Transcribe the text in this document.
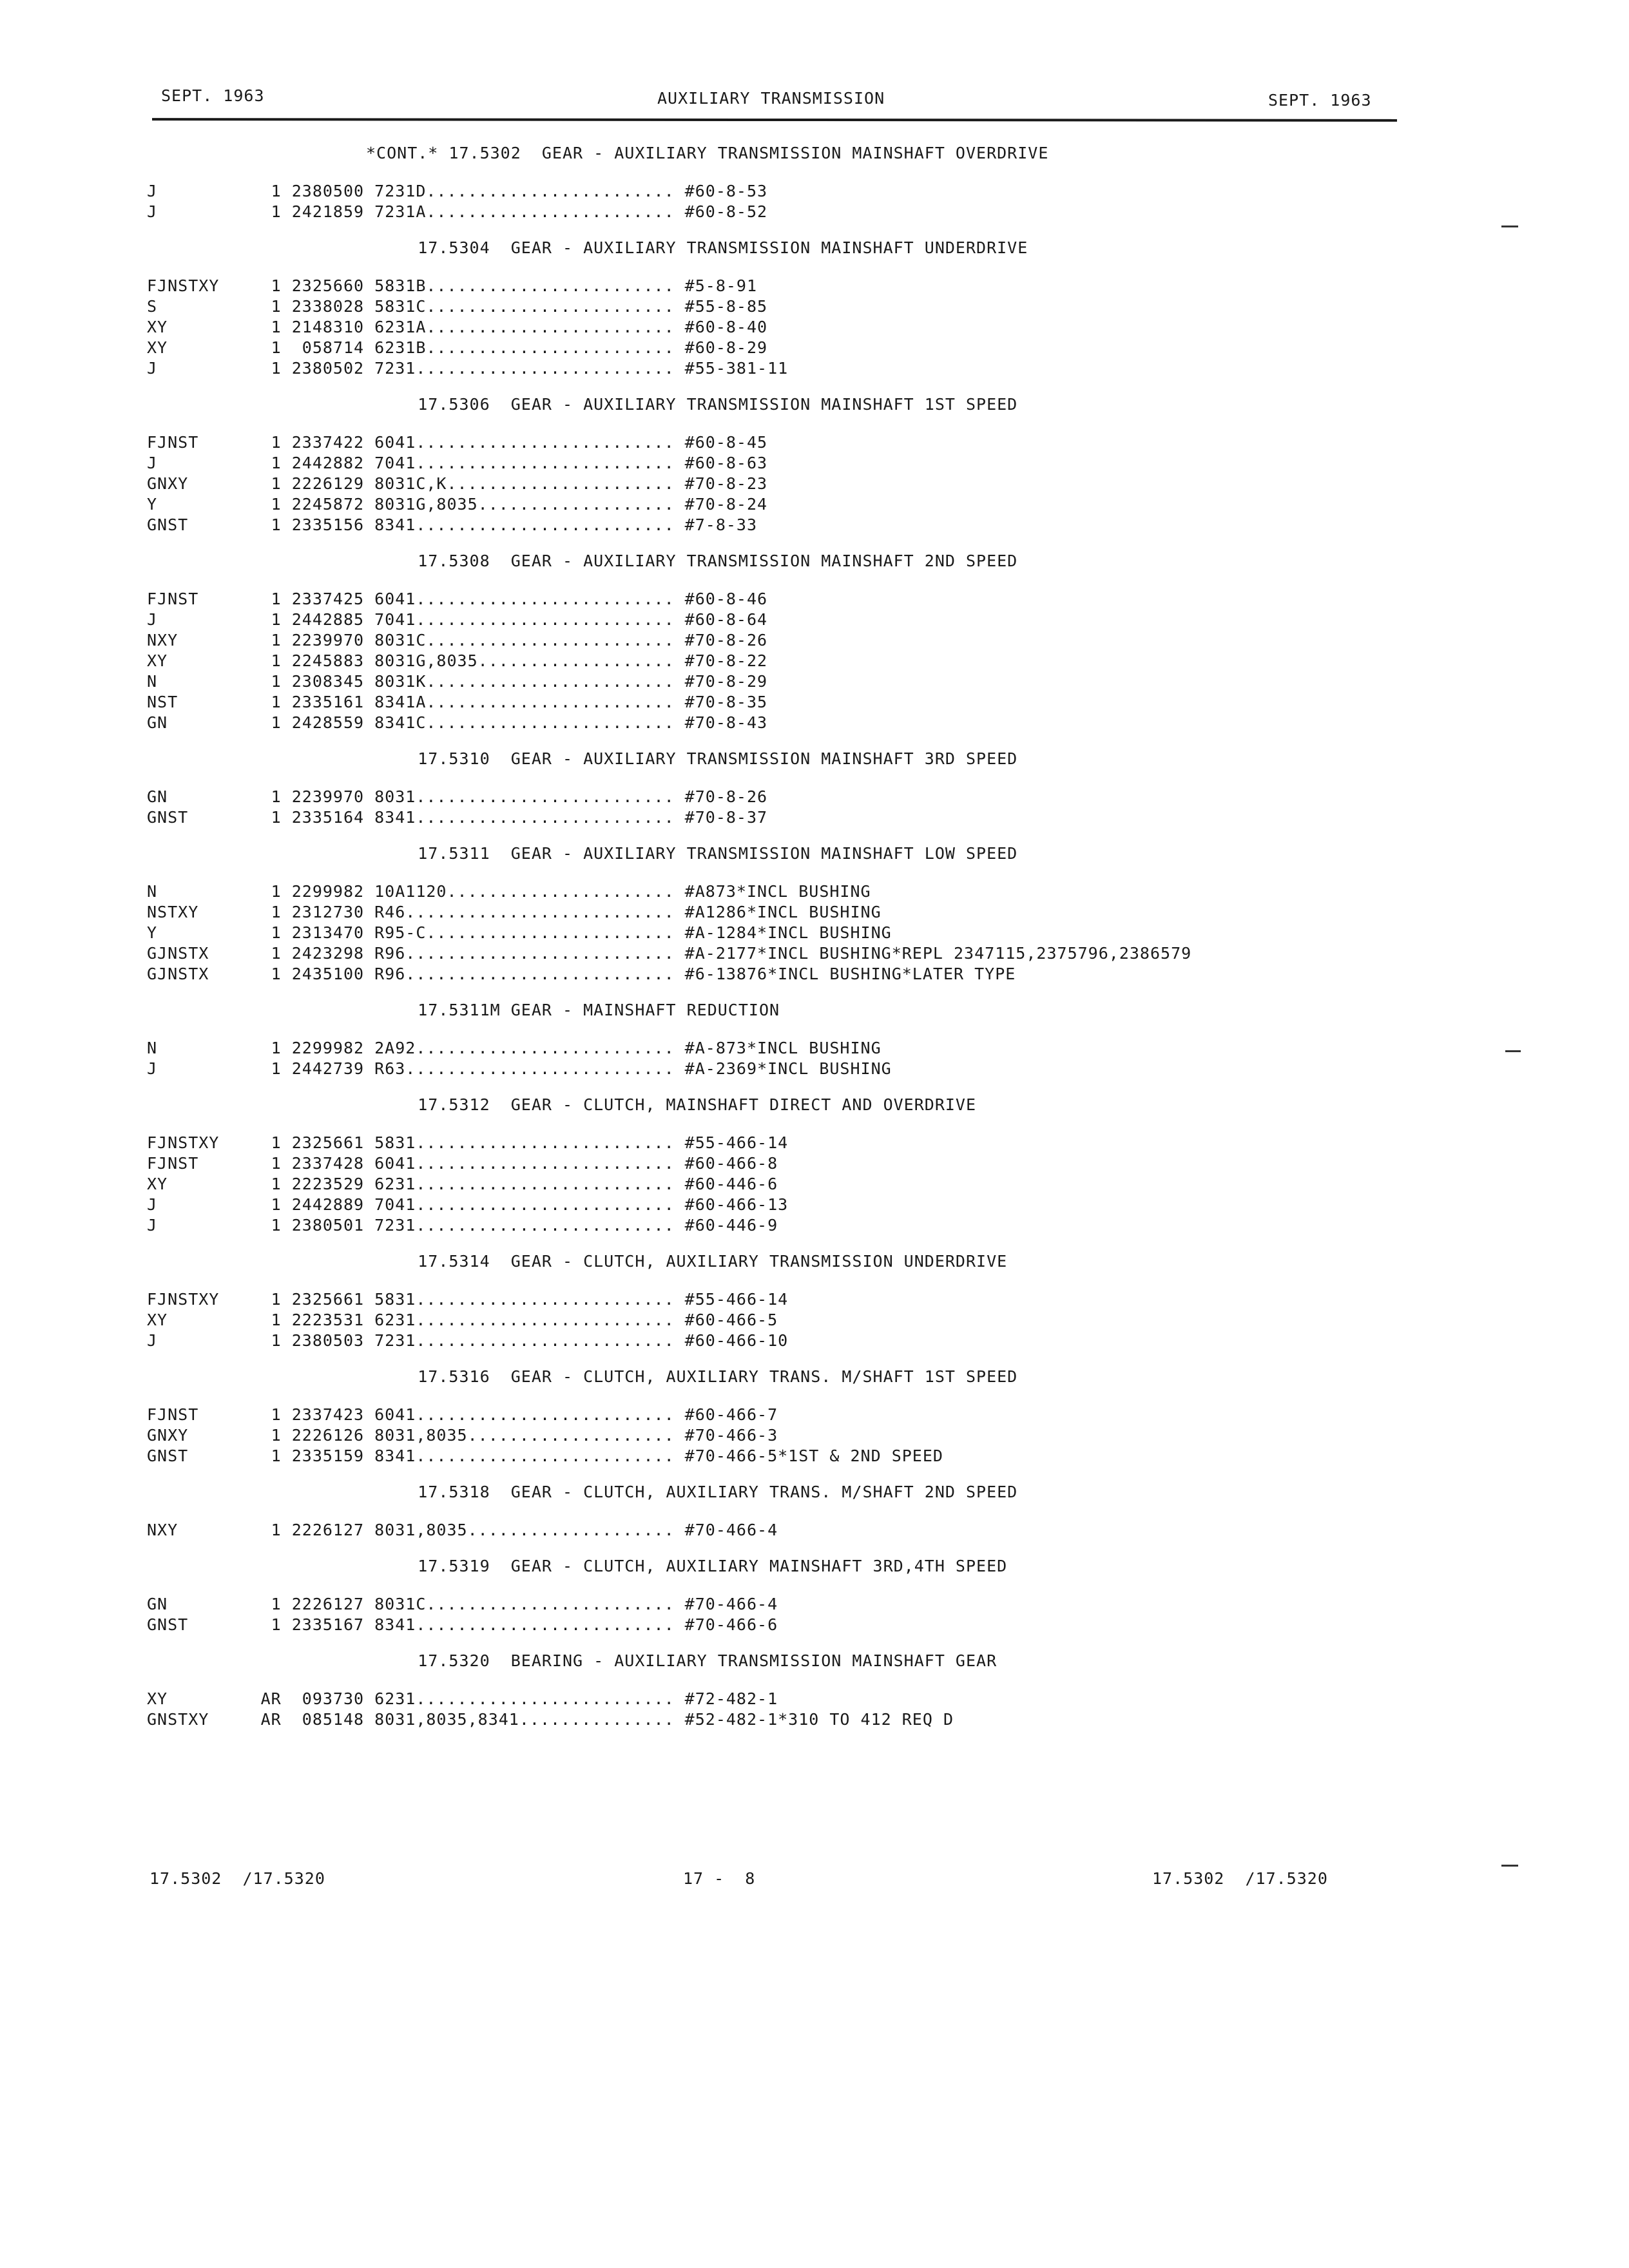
SEPT. 1963	AUXILIARY TRANSMISSION	SEPT. 1963
*CONT.* 17.5302  GEAR - AUXILIARY TRANSMISSION MAINSHAFT OVERDRIVE
J           1 2380500 7231D........................ #60-8-53
J           1 2421859 7231A........................ #60-8-52
17.5304  GEAR - AUXILIARY TRANSMISSION MAINSHAFT UNDERDRIVE
FJNSTXY     1 2325660 5831B........................ #5-8-91
S           1 2338028 5831C........................ #55-8-85
XY          1 2148310 6231A........................ #60-8-40
XY          1  058714 6231B........................ #60-8-29
J           1 2380502 7231......................... #55-381-11
17.5306  GEAR - AUXILIARY TRANSMISSION MAINSHAFT 1ST SPEED
FJNST       1 2337422 6041......................... #60-8-45
J           1 2442882 7041......................... #60-8-63
GNXY        1 2226129 8031C,K...................... #70-8-23
Y           1 2245872 8031G,8035................... #70-8-24
GNST        1 2335156 8341......................... #7-8-33
17.5308  GEAR - AUXILIARY TRANSMISSION MAINSHAFT 2ND SPEED
FJNST       1 2337425 6041......................... #60-8-46
J           1 2442885 7041......................... #60-8-64
NXY         1 2239970 8031C........................ #70-8-26
XY          1 2245883 8031G,8035................... #70-8-22
N           1 2308345 8031K........................ #70-8-29
NST         1 2335161 8341A........................ #70-8-35
GN          1 2428559 8341C........................ #70-8-43
17.5310  GEAR - AUXILIARY TRANSMISSION MAINSHAFT 3RD SPEED
GN          1 2239970 8031......................... #70-8-26
GNST        1 2335164 8341......................... #70-8-37
17.5311  GEAR - AUXILIARY TRANSMISSION MAINSHAFT LOW SPEED
N           1 2299982 10A1120...................... #A873*INCL BUSHING
NSTXY       1 2312730 R46.......................... #A1286*INCL BUSHING
Y           1 2313470 R95-C........................ #A-1284*INCL BUSHING
GJNSTX      1 2423298 R96.......................... #A-2177*INCL BUSHING*REPL 2347115,2375796,2386579
GJNSTX      1 2435100 R96.......................... #6-13876*INCL BUSHING*LATER TYPE
17.5311M GEAR - MAINSHAFT REDUCTION
N           1 2299982 2A92......................... #A-873*INCL BUSHING
J           1 2442739 R63.......................... #A-2369*INCL BUSHING
17.5312  GEAR - CLUTCH, MAINSHAFT DIRECT AND OVERDRIVE
FJNSTXY     1 2325661 5831......................... #55-466-14
FJNST       1 2337428 6041......................... #60-466-8
XY          1 2223529 6231......................... #60-446-6
J           1 2442889 7041......................... #60-466-13
J           1 2380501 7231......................... #60-446-9
17.5314  GEAR - CLUTCH, AUXILIARY TRANSMISSION UNDERDRIVE
FJNSTXY     1 2325661 5831......................... #55-466-14
XY          1 2223531 6231......................... #60-466-5
J           1 2380503 7231......................... #60-466-10
17.5316  GEAR - CLUTCH, AUXILIARY TRANS. M/SHAFT 1ST SPEED
FJNST       1 2337423 6041......................... #60-466-7
GNXY        1 2226126 8031,8035.................... #70-466-3
GNST        1 2335159 8341......................... #70-466-5*1ST & 2ND SPEED
17.5318  GEAR - CLUTCH, AUXILIARY TRANS. M/SHAFT 2ND SPEED
NXY         1 2226127 8031,8035.................... #70-466-4
17.5319  GEAR - CLUTCH, AUXILIARY MAINSHAFT 3RD,4TH SPEED
GN          1 2226127 8031C........................ #70-466-4
GNST        1 2335167 8341......................... #70-466-6
17.5320  BEARING - AUXILIARY TRANSMISSION MAINSHAFT GEAR
XY         AR  093730 6231......................... #72-482-1
GNSTXY     AR  085148 8031,8035,8341............... #52-482-1*310 TO 412 REQ D
17.5302  /17.5320	17 -  8	17.5302  /17.5320
